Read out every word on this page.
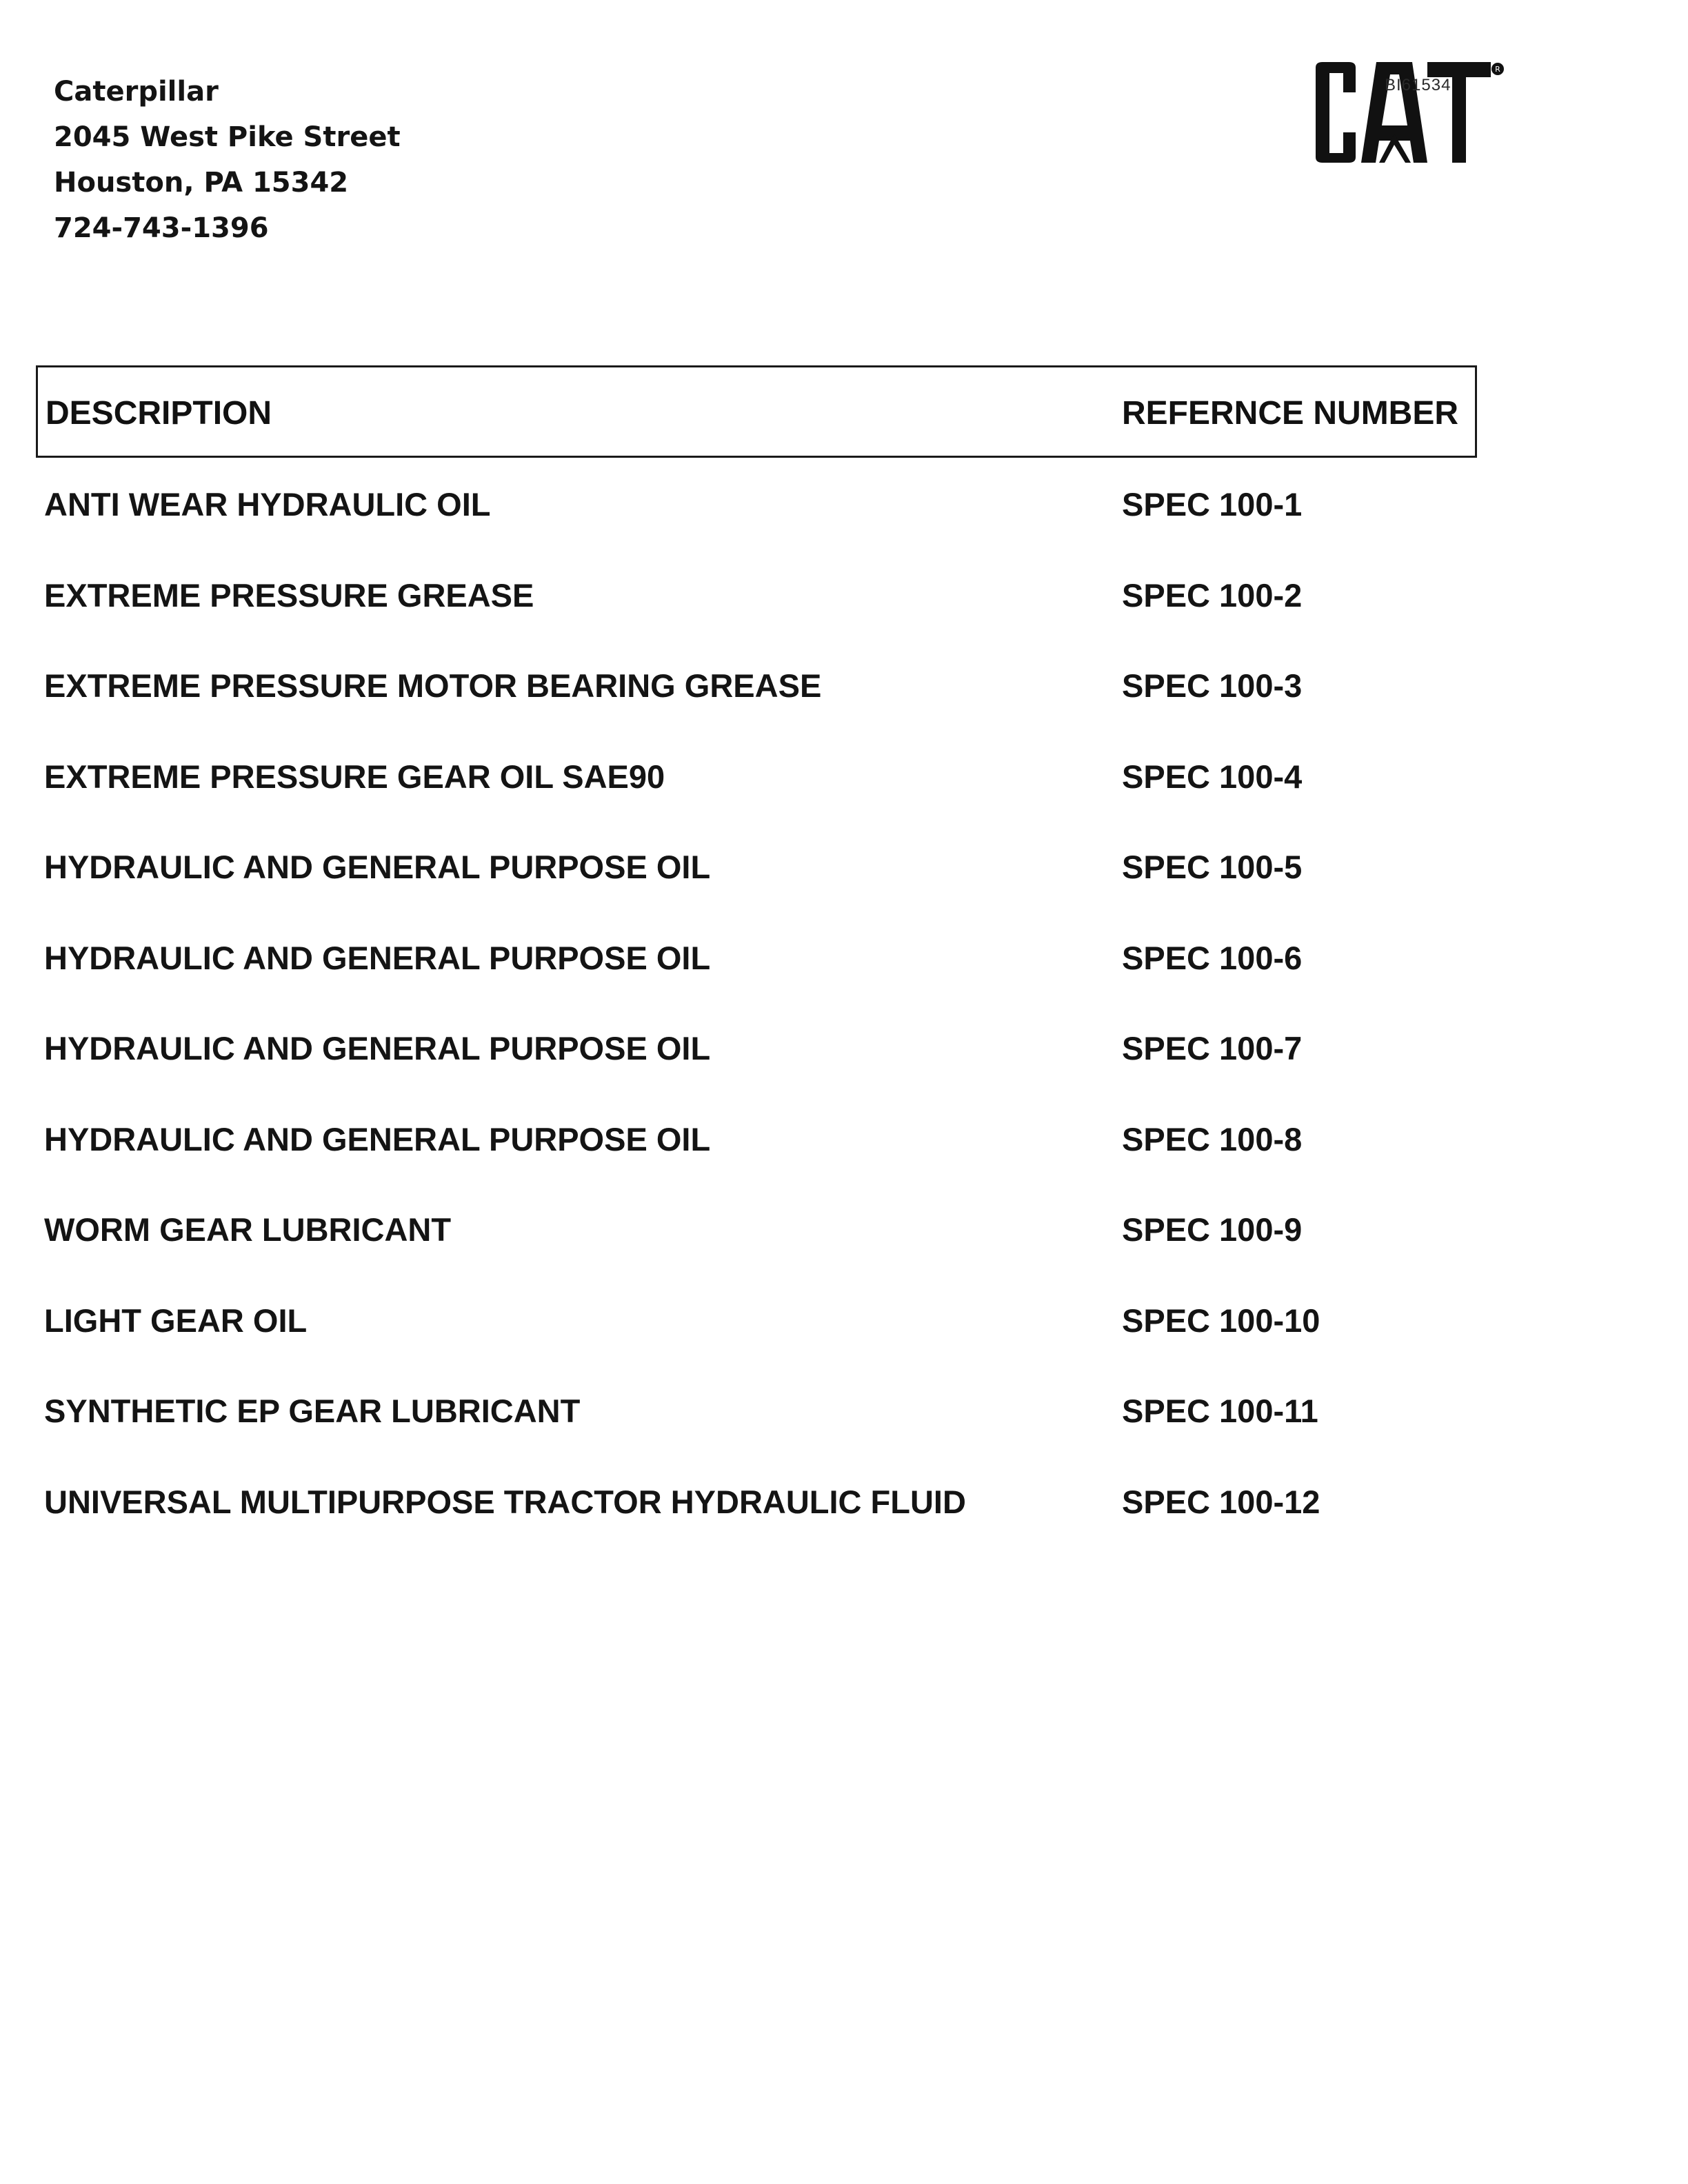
Caterpillar
2045 West Pike Street
Houston, PA 15342
724-743-1396
R
BI61534
DESCRIPTION	REFERNCE NUMBER
ANTI WEAR HYDRAULIC OIL	SPEC 100-1
EXTREME PRESSURE GREASE	SPEC 100-2
EXTREME PRESSURE MOTOR BEARING GREASE	SPEC 100-3
EXTREME PRESSURE GEAR OIL SAE90	SPEC 100-4
HYDRAULIC AND GENERAL PURPOSE OIL	SPEC 100-5
HYDRAULIC AND GENERAL PURPOSE OIL	SPEC 100-6
HYDRAULIC AND GENERAL PURPOSE OIL	SPEC 100-7
HYDRAULIC AND GENERAL PURPOSE OIL	SPEC 100-8
WORM GEAR LUBRICANT	SPEC 100-9
LIGHT GEAR OIL	SPEC 100-10
SYNTHETIC EP GEAR LUBRICANT	SPEC 100-11
UNIVERSAL MULTIPURPOSE TRACTOR HYDRAULIC FLUID	SPEC 100-12
